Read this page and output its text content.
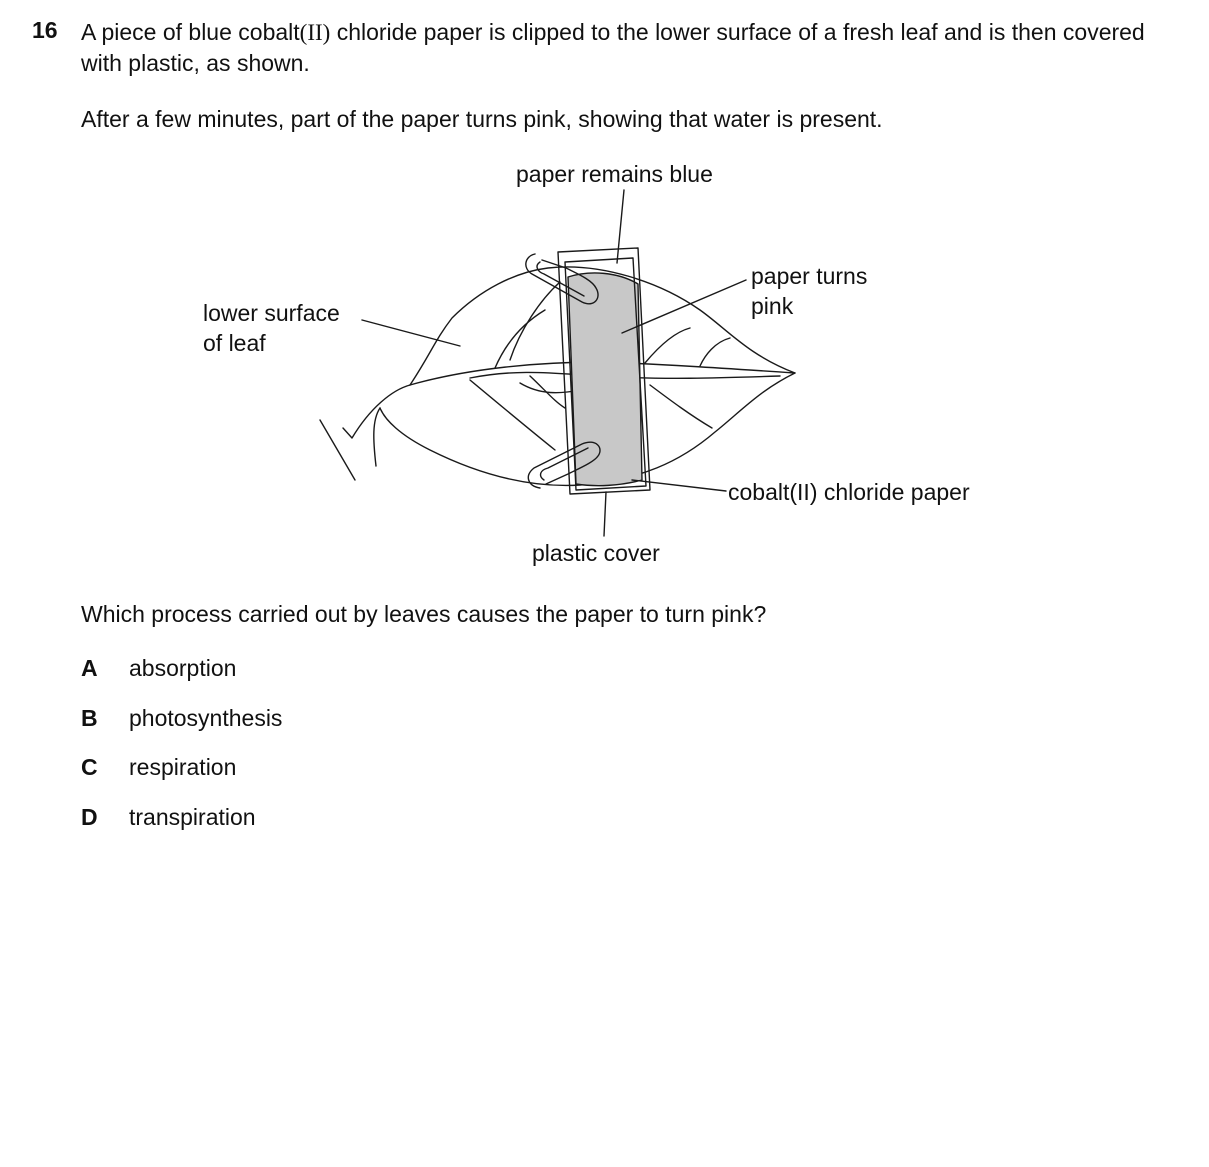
16 A piece of blue cobalt(II) chloride paper is clipped to the lower surface of a fresh leaf and is then covered with plastic, as shown.

After a few minutes, part of the paper turns pink, showing that water is present.

paper remains blue
lower surface
of leaf
paper turns
pink
cobalt(II) chloride paper
plastic cover

Which process carried out by leaves causes the paper to turn pink?

A	absorption
B	photosynthesis
C	respiration
D	transpiration
